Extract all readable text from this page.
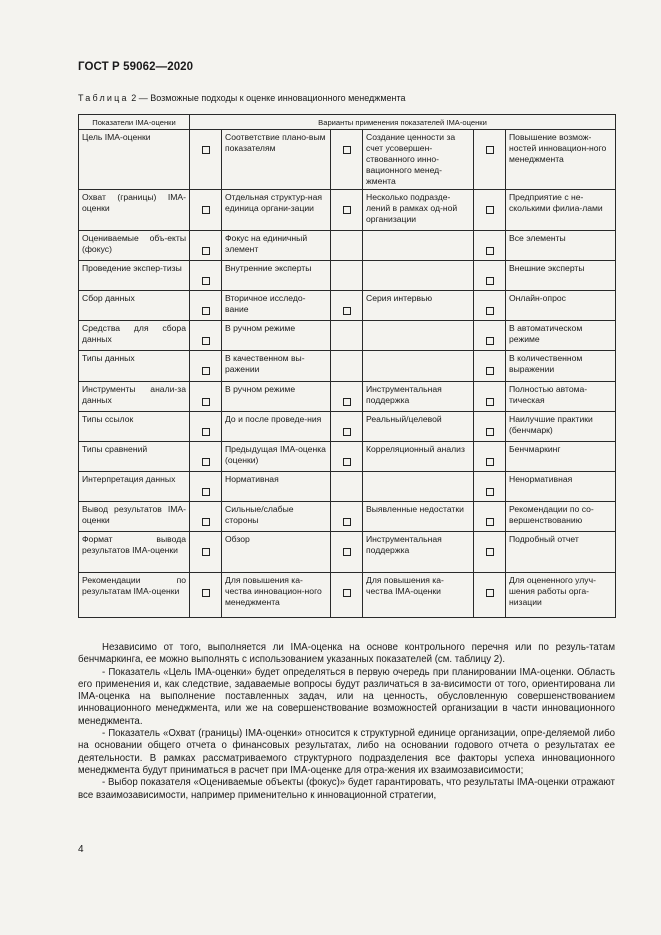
ГОСТ Р 59062—2020
Таблица 2 — Возможные подходы к оценке инновационного менеджмента
Показатели IMA-оценки	Варианты применения показателей IMA-оценки					
Цель IMA-оценки		Соответствие плано-вым показателям		Создание ценности за счет усовершен-ствованного инно-вационного менед-жмента		Повышение возмож-ностей инновацион-ного менеджмента
Охват (границы) IMA-оценки		Отдельная структур-ная единица органи-зации		Несколько подразде-лений в рамках од-ной организации		Предприятие с не-сколькими филиа-лами
Оцениваемые объ-екты (фокус)		Фокус на единичный элемент				Все элементы
Проведение экспер-тизы		Внутренние эксперты				Внешние эксперты
Сбор данных		Вторичное исследо-вание		Серия интервью		Онлайн-опрос
Средства для сбора данных		В ручном режиме				В автоматическом режиме
Типы данных		В качественном вы-ражении				В количественном выражении
Инструменты анали-за данных		В ручном режиме		Инструментальная поддержка		Полностью автома-тическая
Типы ссылок		До и после проведе-ния		Реальный/целевой		Наилучшие практики (бенчмарк)
Типы сравнений		Предыдущая IMA-оценка (оценки)		Корреляционный анализ		Бенчмаркинг
Интерпретация данных		Нормативная				Ненормативная
Вывод результатов IMA-оценки		Сильные/слабые стороны		Выявленные недостатки		Рекомендации по со-вершенствованию
Формат вывода результатов IMA-оценки		Обзор		Инструментальная поддержка		Подробный отчет
Рекомендации по результатам IMA-оценки		Для повышения ка-чества инновацион-ного менеджмента		Для повышения ка-чества IMA-оценки		Для оцененного улуч-шения работы орга-низации

Независимо от того, выполняется ли IMA-оценка на основе контрольного перечня или по резуль-татам бенчмаркинга, ее можно выполнять с использованием указанных показателей (см. таблицу 2).

- Показатель «Цель IMA-оценки» будет определяться в первую очередь при планировании IMA-оценки. Область его применения и, как следствие, задаваемые вопросы будут различаться в за-висимости от того, ориентирована ли IMA-оценка на выполнение поставленных задач, или на ценность, обусловленную совершенствованием инновационного менеджмента, или же на совершенствование возможностей организации в части инновационного менеджмента.

- Показатель «Охват (границы) IMA-оценки» относится к структурной единице организации, опре-деляемой либо на основании общего отчета о финансовых результатах, либо на основании годового отчета о результатах ее деятельности. В рамках рассматриваемого структурного подразделения все факторы успеха инновационного менеджмента будут приниматься в расчет при IMA-оценке для отра-жения их взаимозависимости;

- Выбор показателя «Оцениваемые объекты (фокус)» будет гарантировать, что результаты IMA-оценки отражают все взаимозависимости, например применительно к инновационной стратегии,

4
